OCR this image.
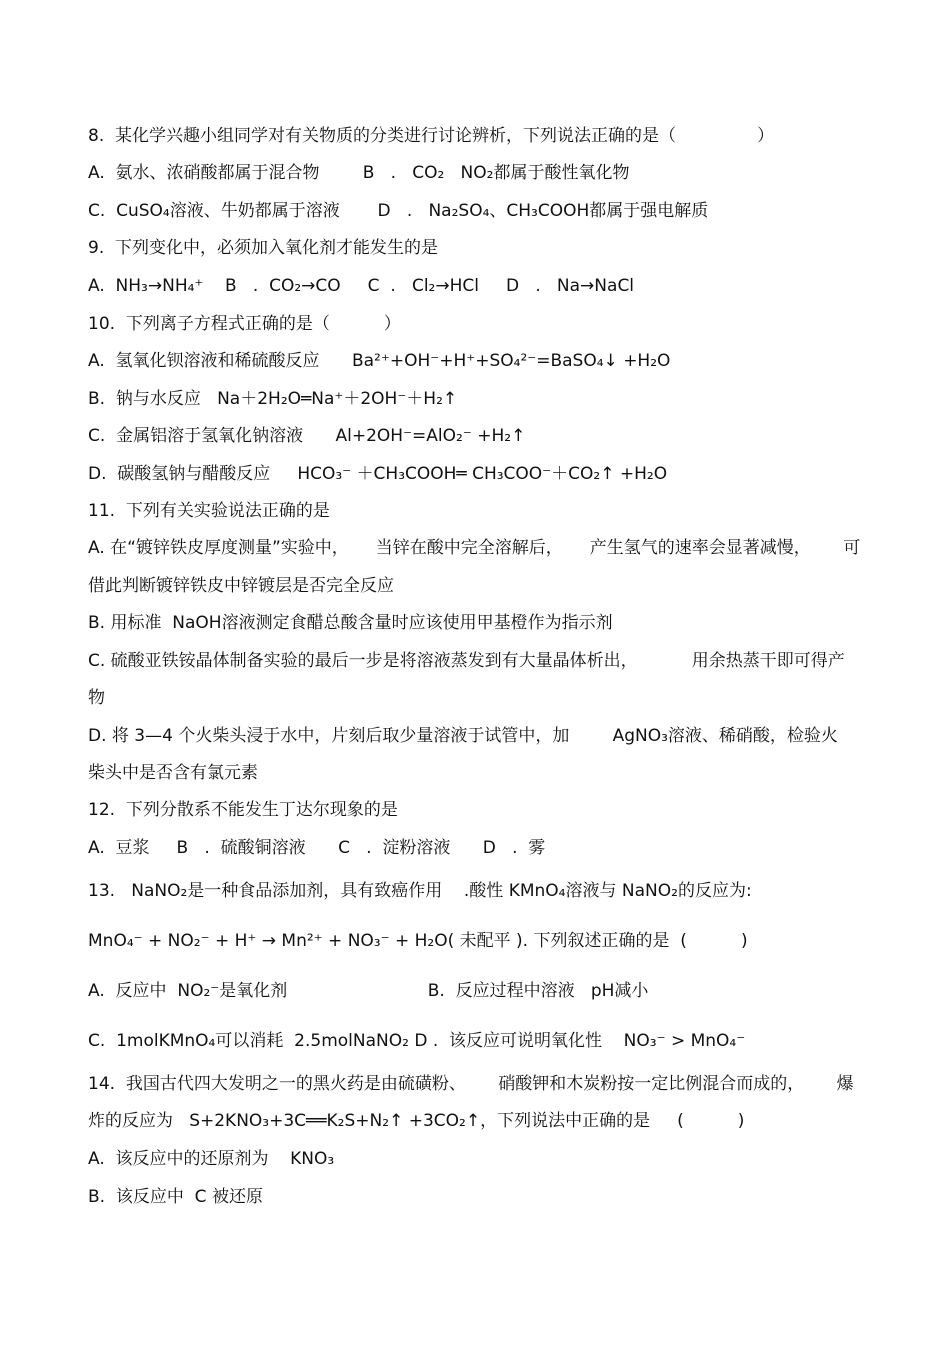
8.  某化学兴趣小组同学对有关物质的分类进行讨论辨析，下列说法正确的是（               ）
A.  氨水、浓硝酸都属于混合物        B   .   CO₂   NO₂都属于酸性氧化物
C.  CuSO₄溶液、牛奶都属于溶液       D   .   Na₂SO₄、CH₃COOH都属于强电解质
9.  下列变化中，必须加入氧化剂才能发生的是
A.  NH₃→NH₄⁺    B   .  CO₂→CO     C  .   Cl₂→HCl     D   .   Na→NaCl
10.  下列离子方程式正确的是（          ）
A.  氢氧化钡溶液和稀硫酸反应      Ba²⁺+OH⁻+H⁺+SO₄²⁻=BaSO₄↓ +H₂O
B.  钠与水反应   Na＋2H₂O═Na⁺＋2OH⁻＋H₂↑
C.  金属铝溶于氢氧化钠溶液      Al+2OH⁻=AlO₂⁻ +H₂↑
D.  碳酸氢钠与醋酸反应     HCO₃⁻ ＋CH₃COOH═ CH₃COO⁻＋CO₂↑ +H₂O
11.  下列有关实验说法正确的是
A. 在“镀锌铁皮厚度测量”实验中，     当锌在酸中完全溶解后，     产生氢气的速率会显著减慢，      可
借此判断镀锌铁皮中锌镀层是否完全反应
B. 用标准  NaOH溶液测定食醋总酸含量时应该使用甲基橙作为指示剂
C. 硫酸亚铁铵晶体制备实验的最后一步是将溶液蒸发到有大量晶体析出，          用余热蒸干即可得产
物
D. 将 3—4 个火柴头浸于水中，片刻后取少量溶液于试管中，加        AgNO₃溶液、稀硝酸，检验火
柴头中是否含有氯元素
12.  下列分散系不能发生丁达尔现象的是
A.  豆浆     B   .  硫酸铜溶液      C   .  淀粉溶液      D   .  雾
13.   NaNO₂是一种食品添加剂，具有致癌作用    .酸性 KMnO₄溶液与 NaNO₂的反应为:
MnO₄⁻ + NO₂⁻ + H⁺ → Mn²⁺ + NO₃⁻ + H₂O( 未配平 ). 下列叙述正确的是  (          )
A.  反应中  NO₂⁻是氧化剂                          B.  反应过程中溶液   pH减小
C.  1molKMnO₄可以消耗  2.5molNaNO₂ D .  该反应可说明氧化性    NO₃⁻ > MnO₄⁻
14.  我国古代四大发明之一的黑火药是由硫磺粉、      硝酸钾和木炭粉按一定比例混合而成的，      爆
炸的反应为   S+2KNO₃+3C══K₂S+N₂↑ +3CO₂↑，下列说法中正确的是     (          )
A.  该反应中的还原剂为    KNO₃
B.  该反应中  C 被还原
